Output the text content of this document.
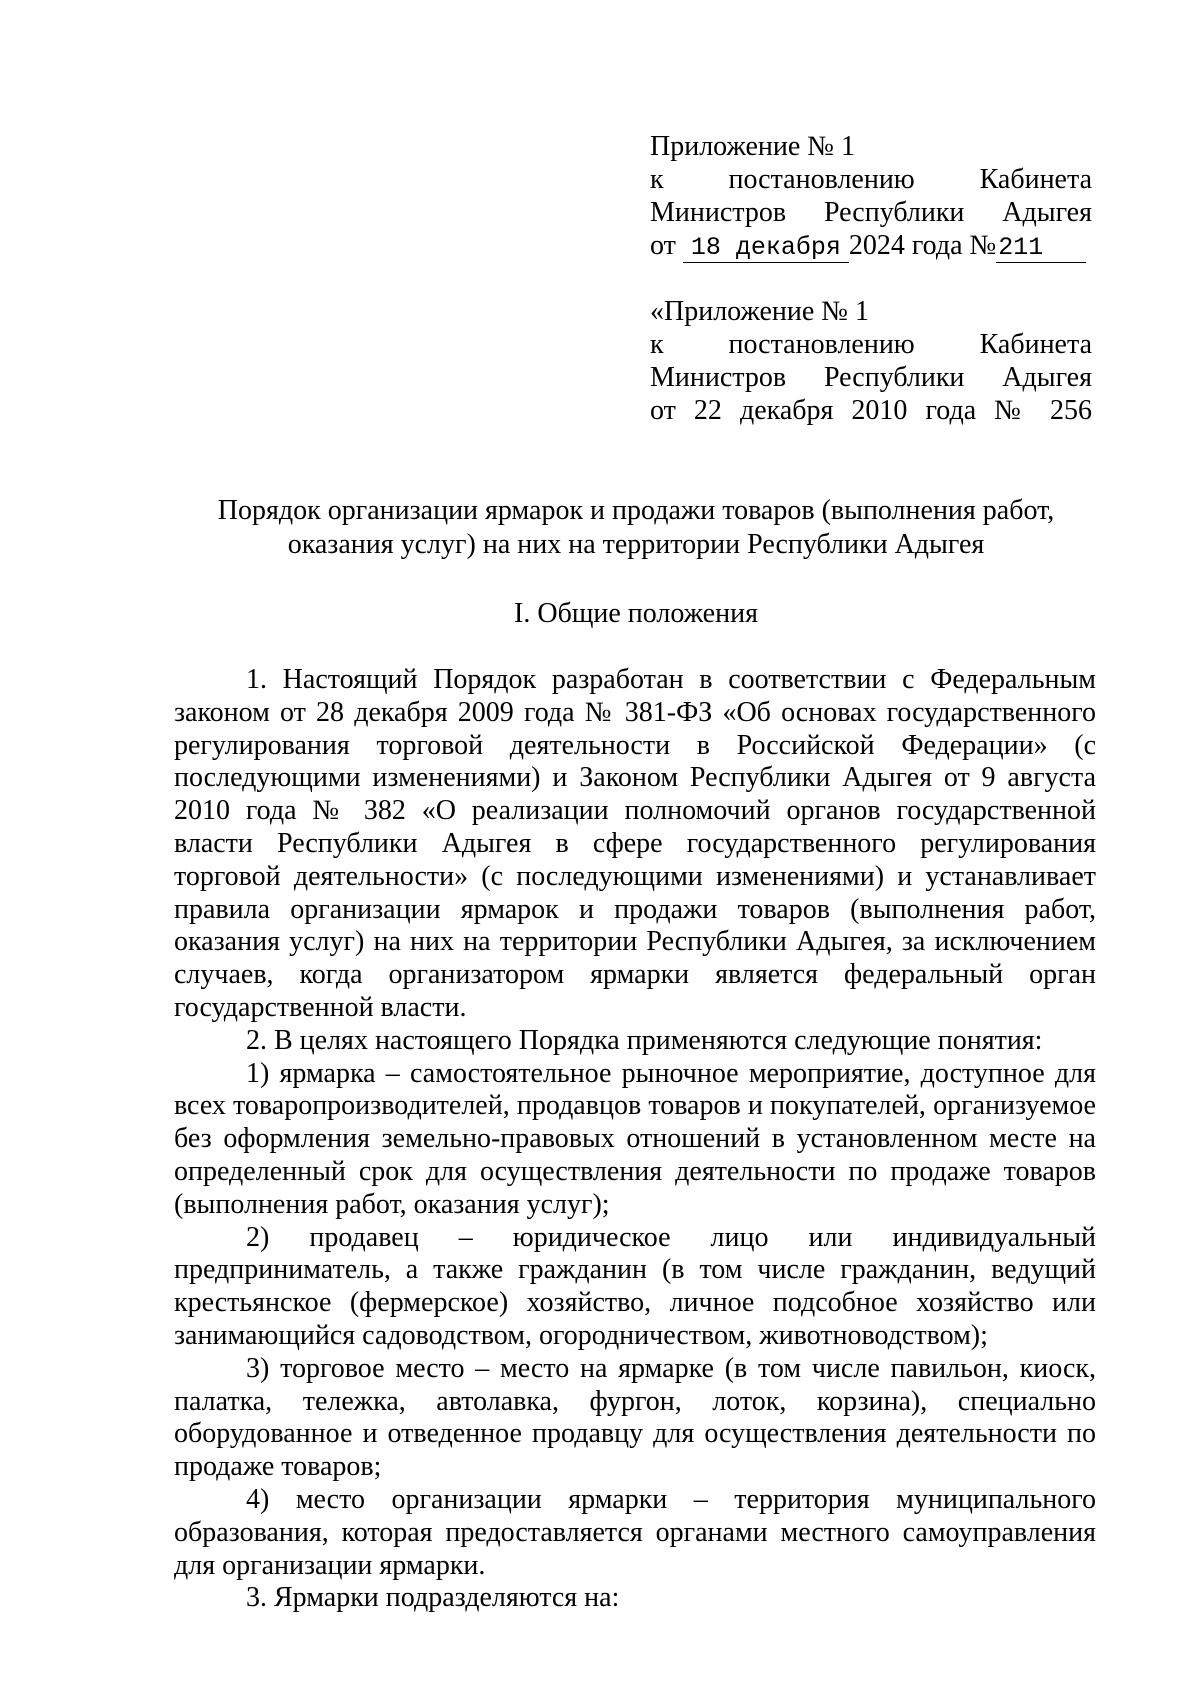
Приложение № 1
к постановлению Кабинета
Министров Республики Адыгея
от 18 декабря 2024 года №211
«Приложение № 1
к постановлению Кабинета
Министров Республики Адыгея
от 22 декабря 2010 года № 256
Порядок организации ярмарок и продажи товаров (выполнения работ,
оказания услуг) на них на территории Республики Адыгея
I. Общие положения

1. Настоящий Порядок разработан в соответствии с Федеральным законом от 28 декабря 2009 года № 381-ФЗ «Об основах государственного регулирования торговой деятельности в Российской Федерации» (с последующими изменениями) и Законом Республики Адыгея от 9 августа 2010 года № 382 «О реализации полномочий органов государственной власти Республики Адыгея в сфере государственного регулирования торговой деятельности» (с последующими изменениями) и устанавливает правила организации ярмарок и продажи товаров (выполнения работ, оказания услуг) на них на территории Республики Адыгея, за исключением случаев, когда организатором ярмарки является федеральный орган государственной власти.

2. В целях настоящего Порядка применяются следующие понятия:

1) ярмарка – самостоятельное рыночное мероприятие, доступное для всех товаропроизводителей, продавцов товаров и покупателей, организуемое без оформления земельно-правовых отношений в установленном месте на определенный срок для осуществления деятельности по продаже товаров (выполнения работ, оказания услуг);

2) продавец – юридическое лицо или индивидуальный предприниматель, а также гражданин (в том числе гражданин, ведущий крестьянское (фермерское) хозяйство, личное подсобное хозяйство или занимающийся садоводством, огородничеством, животноводством);

3) торговое место – место на ярмарке (в том числе павильон, киоск, палатка, тележка, автолавка, фургон, лоток, корзина), специально оборудованное и отведенное продавцу для осуществления деятельности по продаже товаров;

4) место организации ярмарки – территория муниципального образования, которая предоставляется органами местного самоуправления для организации ярмарки.

3. Ярмарки подразделяются на:
